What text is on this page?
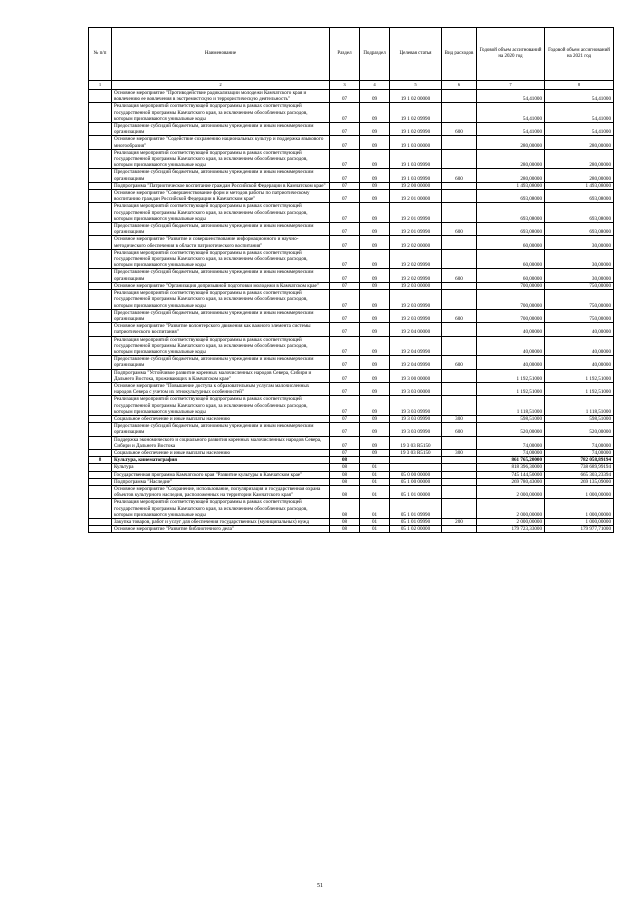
№ п/п	Наименование	Раздел	Подраздел	Целевая статья	Вид расходов	Годовой объем ассигнований на 2020 год	Годовой объем ассигнований на 2021 год
1	2	3	4	5	6	7	8
	Основное мероприятие "Противодействие радикализации молодежи Камчатского края и вовлечению ее вовлечения в экстремистскую и террористическую деятельность"	07	09	19 1 02 00000		54,41000	54,41000
	Реализация мероприятий соответствующей подпрограммы в рамках соответствующей государственной программы Камчатского края, за исключением обособленных расходов, которым присваиваются уникальные коды	07	09	19 1 02 09990		54,41000	54,41000
	Предоставление субсидий бюджетным, автономным учреждениям и иным некоммерческим организациям	07	09	19 1 02 09990	600	54,41000	54,41000
	Основное мероприятие "Содействие сохранению национальных культур и поддержка языкового многообразия"	07	09	19 1 03 00000		280,00000	280,00000
	Реализация мероприятий соответствующей подпрограммы в рамках соответствующей государственной программы Камчатского края, за исключением обособленных расходов, которым присваиваются уникальные коды	07	09	19 1 03 09990		280,00000	280,00000
	Предоставление субсидий бюджетным, автономным учреждениям и иным некоммерческим организациям	07	09	19 1 03 09990	600	280,00000	280,00000
	Подпрограмма "Патриотическое воспитание граждан Российской Федерации в Камчатском крае"	07	09	19 2 00 00000		1 493,08000	1 493,08000
	Основное мероприятие "Совершенствование форм и методов работы по патриотическому воспитанию граждан Российской Федерации в Камчатском крае"	07	09	19 2 01 00000		693,08000	693,08000
	Реализация мероприятий соответствующей подпрограммы в рамках соответствующей государственной программы Камчатского края, за исключением обособленных расходов, которым присваиваются уникальные коды	07	09	19 2 01 09990		693,08000	693,08000
	Предоставление субсидий бюджетным, автономным учреждениям и иным некоммерческим организациям	07	09	19 2 01 09990	600	693,08000	693,08000
	Основное мероприятие "Развитие и совершенствование информационного и научно-методического обеспечения в области патриотического воспитания"	07	09	19 2 02 00000		60,00000	30,00000
	Реализация мероприятий соответствующей подпрограммы в рамках соответствующей государственной программы Камчатского края, за исключением обособленных расходов, которым присваиваются уникальные коды	07	09	19 2 02 09990		60,00000	30,00000
	Предоставление субсидий бюджетным, автономным учреждениям и иным некоммерческим организациям	07	09	19 2 02 09990	600	60,00000	30,00000
	Основное мероприятие "Организация допризывной подготовки молодежи в Камчатском крае"	07	09	19 2 03 00000		700,00000	750,00000
	Реализация мероприятий соответствующей подпрограммы в рамках соответствующей государственной программы Камчатского края, за исключением обособленных расходов, которым присваиваются уникальные коды	07	09	19 2 03 09990		700,00000	750,00000
	Предоставление субсидий бюджетным, автономным учреждениям и иным некоммерческим организациям	07	09	19 2 03 09990	600	700,00000	750,00000
	Основное мероприятие "Развитие волонтерского движения как важного элемента системы патриотического воспитания"	07	09	19 2 04 00000		40,00000	40,00000
	Реализация мероприятий соответствующей подпрограммы в рамках соответствующей государственной программы Камчатского края, за исключением обособленных расходов, которым присваиваются уникальные коды	07	09	19 2 04 09990		40,00000	40,00000
	Предоставление субсидий бюджетным, автономным учреждениям и иным некоммерческим организациям	07	09	19 2 04 09990	600	40,00000	40,00000
	Подпрограмма "Устойчивое развитие коренных малочисленных народов Севера, Сибири и Дальнего Востока, проживающих в Камчатском крае"	07	09	19 3 00 00000		1 192,51000	1 192,51000
	Основное мероприятие "Повышение доступа к образовательным услугам малочисленных народов Севера с учетом их этнокультурных особенностей"	07	09	19 3 03 00000		1 192,51000	1 192,51000
	Реализация мероприятий соответствующей подпрограммы в рамках соответствующей государственной программы Камчатского края, за исключением обособленных расходов, которым присваиваются уникальные коды	07	09	19 3 03 09990		1 118,51000	1 118,51000
	Социальное обеспечение и иные выплаты населению	07	09	19 3 03 09990	300	598,51000	598,51000
	Предоставление субсидий бюджетным, автономным учреждениям и иным некоммерческим организациям	07	09	19 3 03 09990	600	520,00000	520,00000
	Поддержка экономического и социального развития коренных малочисленных народов Севера, Сибири и Дальнего Востока	07	09	19 3 03 R5150		74,00000	74,00000
	Социальное обеспечение и иные выплаты населению	07	09	19 3 03 R5150	300	74,00000	74,00000
8	Культура, кинематография	08				861 765,20000	782 058,89194
	Культура	08	01			818 396,30000	738 689,99194
	Государственная программа Камчатского края "Развитие культуры в Камчатском крае"	08	01	05 0 00 00000		745 144,50000	665 303,23394
	Подпрограмма "Наследие"	08	01	05 1 00 00000		269 780,43000	269 135,09000
	Основное мероприятие "Сохранение, использование, популяризация и государственная охрана объектов культурного наследия, расположенных на территории Камчатского края"	08	01	05 1 01 00000		2 000,00000	1 000,00000
	Реализация мероприятий соответствующей подпрограммы в рамках соответствующей государственной программы Камчатского края, за исключением обособленных расходов, которым присваиваются уникальные коды	08	01	05 1 01 09990		2 000,00000	1 000,00000
	Закупка товаров, работ и услуг для обеспечения государственных (муниципальных) нужд	08	01	05 1 01 09990	200	2 000,00000	1 000,00000
	Основное мероприятие "Развитие библиотечного дела"	08	01	05 1 02 00000		179 723,33000	179 977,71000
51
